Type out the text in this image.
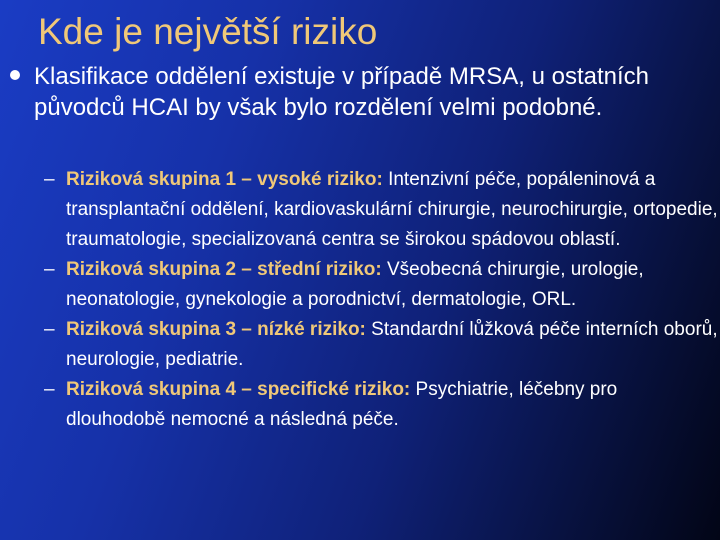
Kde je největší riziko
Klasifikace oddělení existuje v případě MRSA, u ostatních původců HCAI by však bylo rozdělení velmi podobné.
– Riziková skupina 1 – vysoké riziko: Intenzivní péče, popáleninová a transplantační oddělení, kardiovaskulární chirurgie, neurochirurgie, ortopedie, traumatologie, specializovaná centra se širokou spádovou oblastí.
– Riziková skupina 2 – střední riziko: Všeobecná chirurgie, urologie, neonatologie, gynekologie a porodnictví, dermatologie, ORL.
– Riziková skupina 3 – nízké riziko: Standardní lůžková péče interních oborů, neurologie, pediatrie.
– Riziková skupina 4 – specifické riziko: Psychiatrie, léčebny pro dlouhodobě nemocné a následná péče.
